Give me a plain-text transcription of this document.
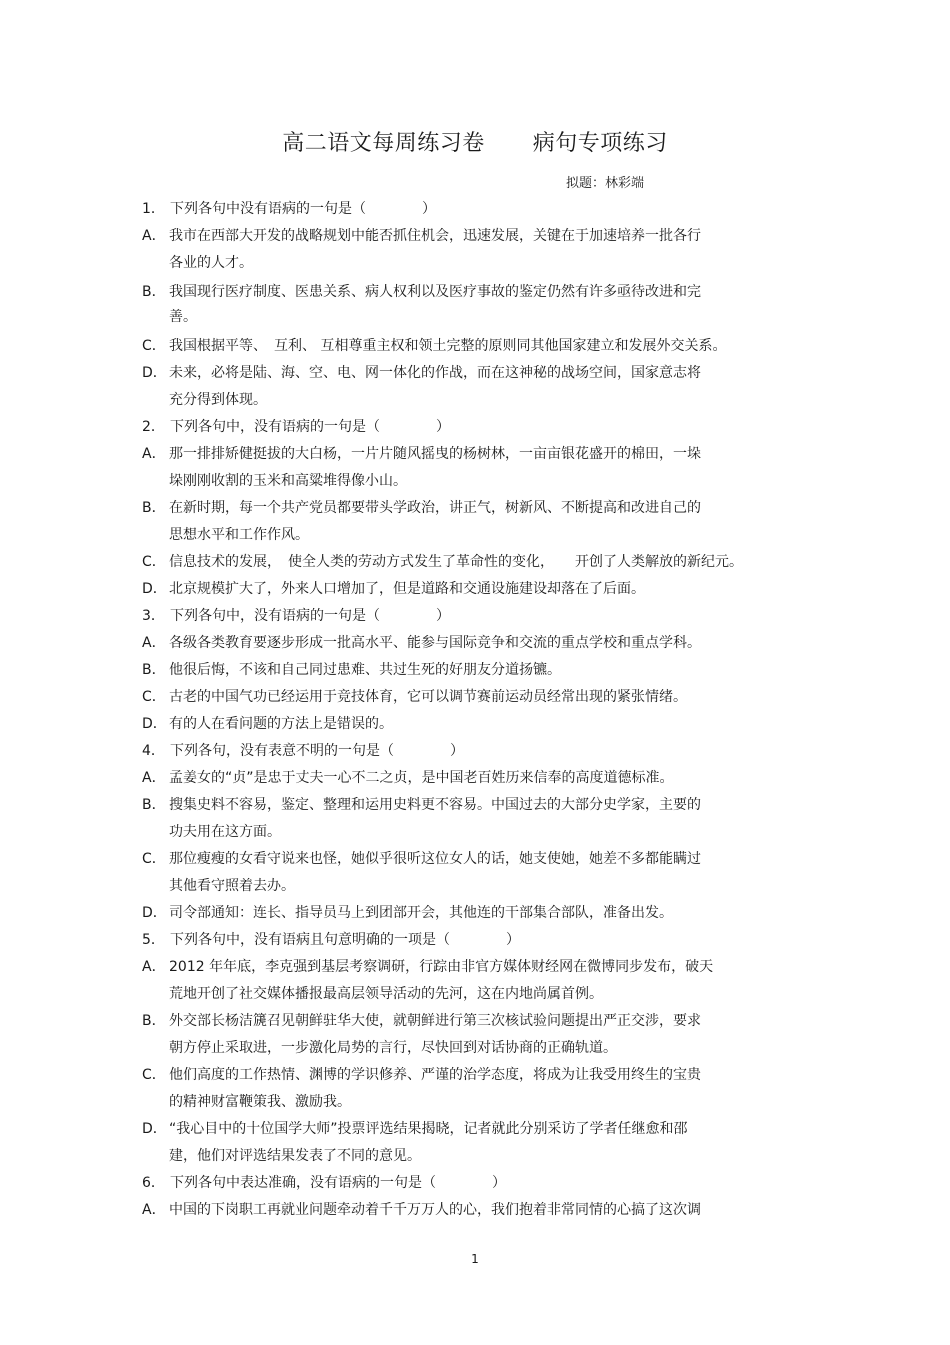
高二语文每周练习卷 病句专项练习
拟题：林彩端
1． 下列各句中没有语病的一句是（　　　　）
A． 我市在西部大开发的战略规划中能否抓住机会，迅速发展，关键在于加速培养一批各行
各业的人才。
B． 我国现行医疗制度、医患关系、病人权利以及医疗事故的鉴定仍然有许多亟待改进和完
善。
C． 我国根据平等、　互利、 互相尊重主权和领土完整的原则同其他国家建立和发展外交关系。
D． 未来，必将是陆、海、空、电、网一体化的作战，而在这神秘的战场空间，国家意志将
充分得到体现。
2． 下列各句中，没有语病的一句是（　　　　）
A． 那一排排矫健挺拔的大白杨，一片片随风摇曳的杨树林，一亩亩银花盛开的棉田，一垛
垛刚刚收割的玉米和高粱堆得像小山。
B． 在新时期，每一个共产党员都要带头学政治，讲正气，树新风、不断提高和改进自己的
思想水平和工作作风。
C． 信息技术的发展，　使全人类的劳动方式发生了革命性的变化，　　开创了人类解放的新纪元。
D． 北京规模扩大了，外来人口增加了，但是道路和交通设施建设却落在了后面。
3． 下列各句中，没有语病的一句是（　　　　）
A． 各级各类教育要逐步形成一批高水平、能参与国际竞争和交流的重点学校和重点学科。
B． 他很后悔，不该和自己同过患难、共过生死的好朋友分道扬镳。
C． 古老的中国气功已经运用于竞技体育，它可以调节赛前运动员经常出现的紧张情绪。
D． 有的人在看问题的方法上是错误的。
4． 下列各句，没有表意不明的一句是（　　　　）
A． 孟姜女的“贞”是忠于丈夫一心不二之贞，是中国老百姓历来信奉的高度道德标准。
B． 搜集史料不容易，鉴定、整理和运用史料更不容易。中国过去的大部分史学家，主要的
功夫用在这方面。
C． 那位瘦瘦的女看守说来也怪，她似乎很听这位女人的话，她支使她，她差不多都能瞒过
其他看守照着去办。
D． 司令部通知：连长、指导员马上到团部开会，其他连的干部集合部队，准备出发。
5． 下列各句中，没有语病且句意明确的一项是（　　　　）
A． 2012 年年底，李克强到基层考察调研，行踪由非官方媒体财经网在微博同步发布，破天
荒地开创了社交媒体播报最高层领导活动的先河，这在内地尚属首例。
B． 外交部长杨洁篪召见朝鲜驻华大使，就朝鲜进行第三次核试验问题提出严正交涉，要求
朝方停止采取进，一步激化局势的言行，尽快回到对话协商的正确轨道。
C． 他们高度的工作热情、渊博的学识修养、严谨的治学态度，将成为让我受用终生的宝贵
的精神财富鞭策我、激励我。
D． “我心目中的十位国学大师”投票评选结果揭晓，记者就此分别采访了学者任继愈和邵
建，他们对评选结果发表了不同的意见。
6． 下列各句中表达准确，没有语病的一句是（　　　　）
A． 中国的下岗职工再就业问题牵动着千千万万人的心，我们抱着非常同情的心搞了这次调
1
